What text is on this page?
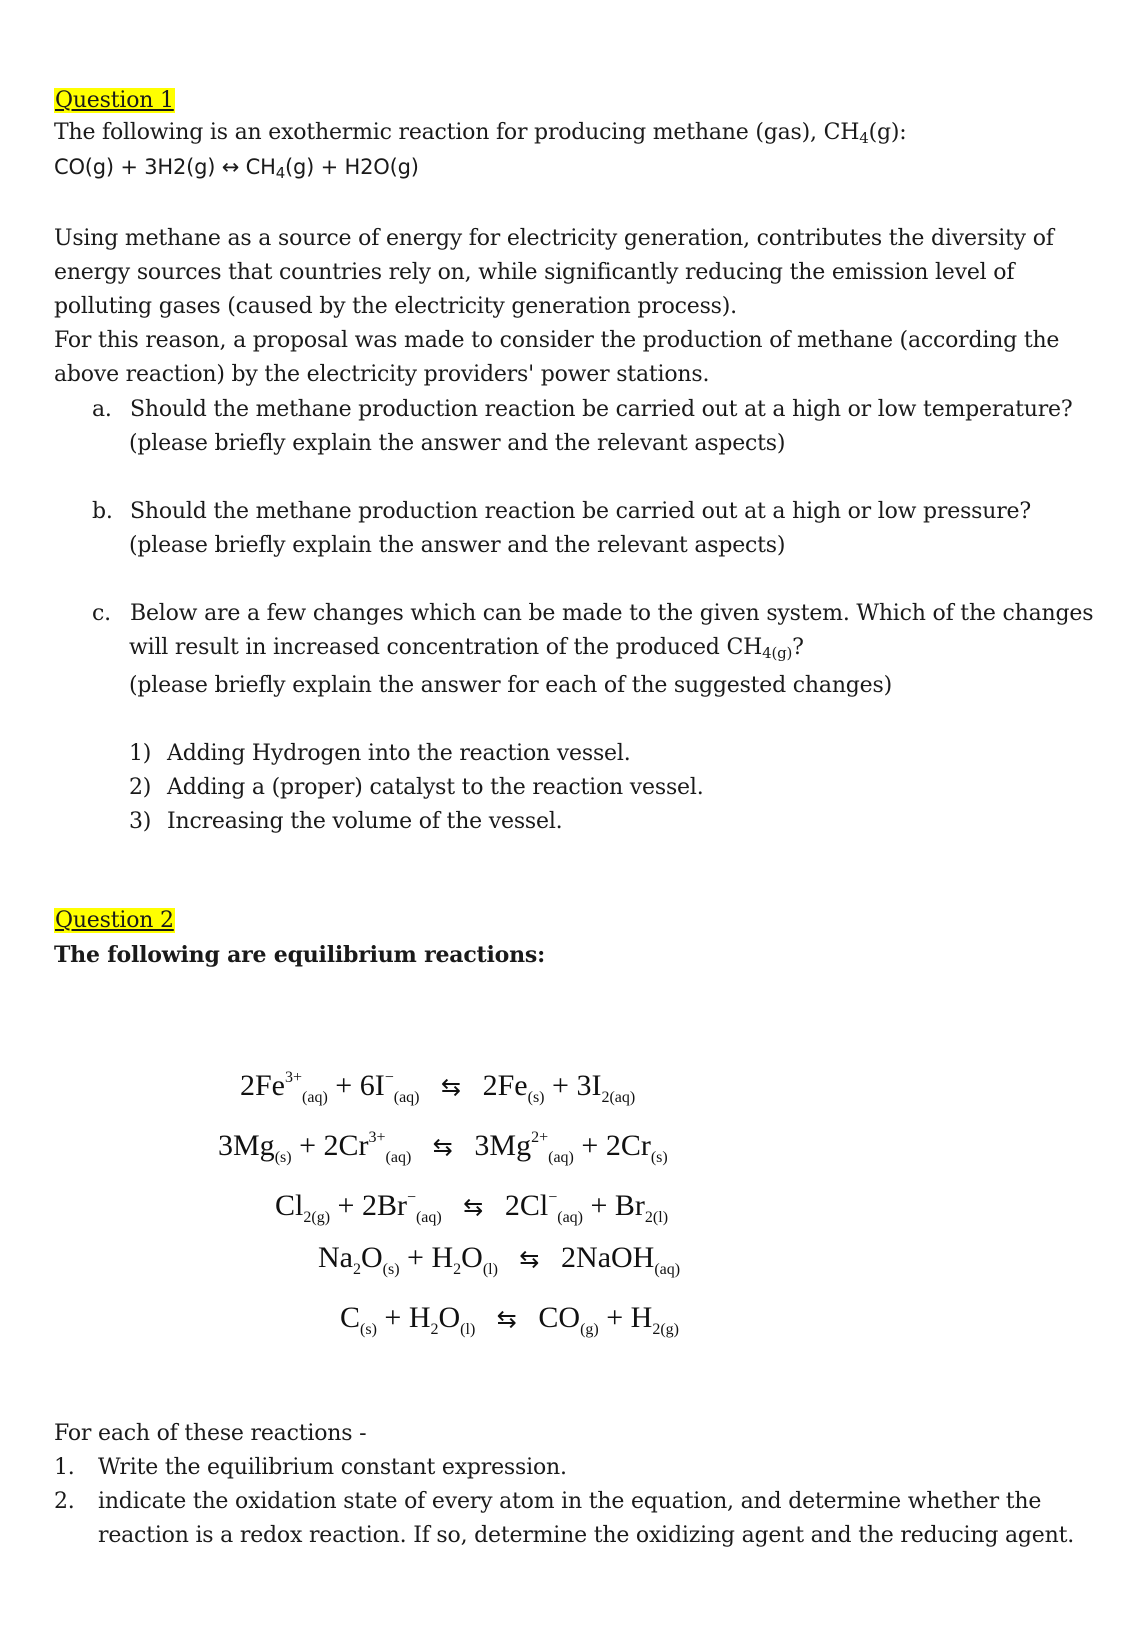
Question 1
The following is an exothermic reaction for producing methane (gas), $CH_4(g)$:
CO(g) + 3H2(g) ↔ $CH_4(g) + H2O(g)$
Using methane as a source of energy for electricity generation, contributes the diversity of
energy sources that countries rely on, while significantly reducing the emission level of
polluting gases (caused by the electricity generation process).
For this reason, a proposal was made to consider the production of methane (according the
above reaction) by the electricity providers' power stations.
a. Should the methane production reaction be carried out at a high or low temperature?
(please briefly explain the answer and the relevant aspects)
b. Should the methane production reaction be carried out at a high or low pressure?
(please briefly explain the answer and the relevant aspects)
c. Below are a few changes which can be made to the given system. Which of the changes
will result in increased concentration of the produced $CH_{4(g)}$?
(please briefly explain the answer for each of the suggested changes)
1) Adding Hydrogen into the reaction vessel.
2) Adding a (proper) catalyst to the reaction vessel.
3) Increasing the volume of the vessel.
Question 2
The following are equilibrium reactions:
$2Fe^{3+}_{(aq)} + 6I^-_{(aq)}$ ⇆ $2Fe_{(s)} + 3I_{2(aq)}$
$3Mg_{(s)} + 2Cr^{3+}_{(aq)}$ ⇆ $3Mg^{2+}_{(aq)} + 2Cr_{(s)}$
$Cl_{2(g)} + 2Br^-_{(aq)}$ ⇆ $2Cl^-_{(aq)} + Br_{2(l)}$
$Na_2O_{(s)} + H_2O_{(l)}$ ⇆ 2NaOH$_{(aq)}$
$C_{(s)} + H_2O_{(l)}$ ⇆ $CO_{(g)} + H_{2(g)}$
For each of these reactions -
1. Write the equilibrium constant expression.
2. indicate the oxidation state of every atom in the equation, and determine whether the
reaction is a redox reaction. If so, determine the oxidizing agent and the reducing agent.
